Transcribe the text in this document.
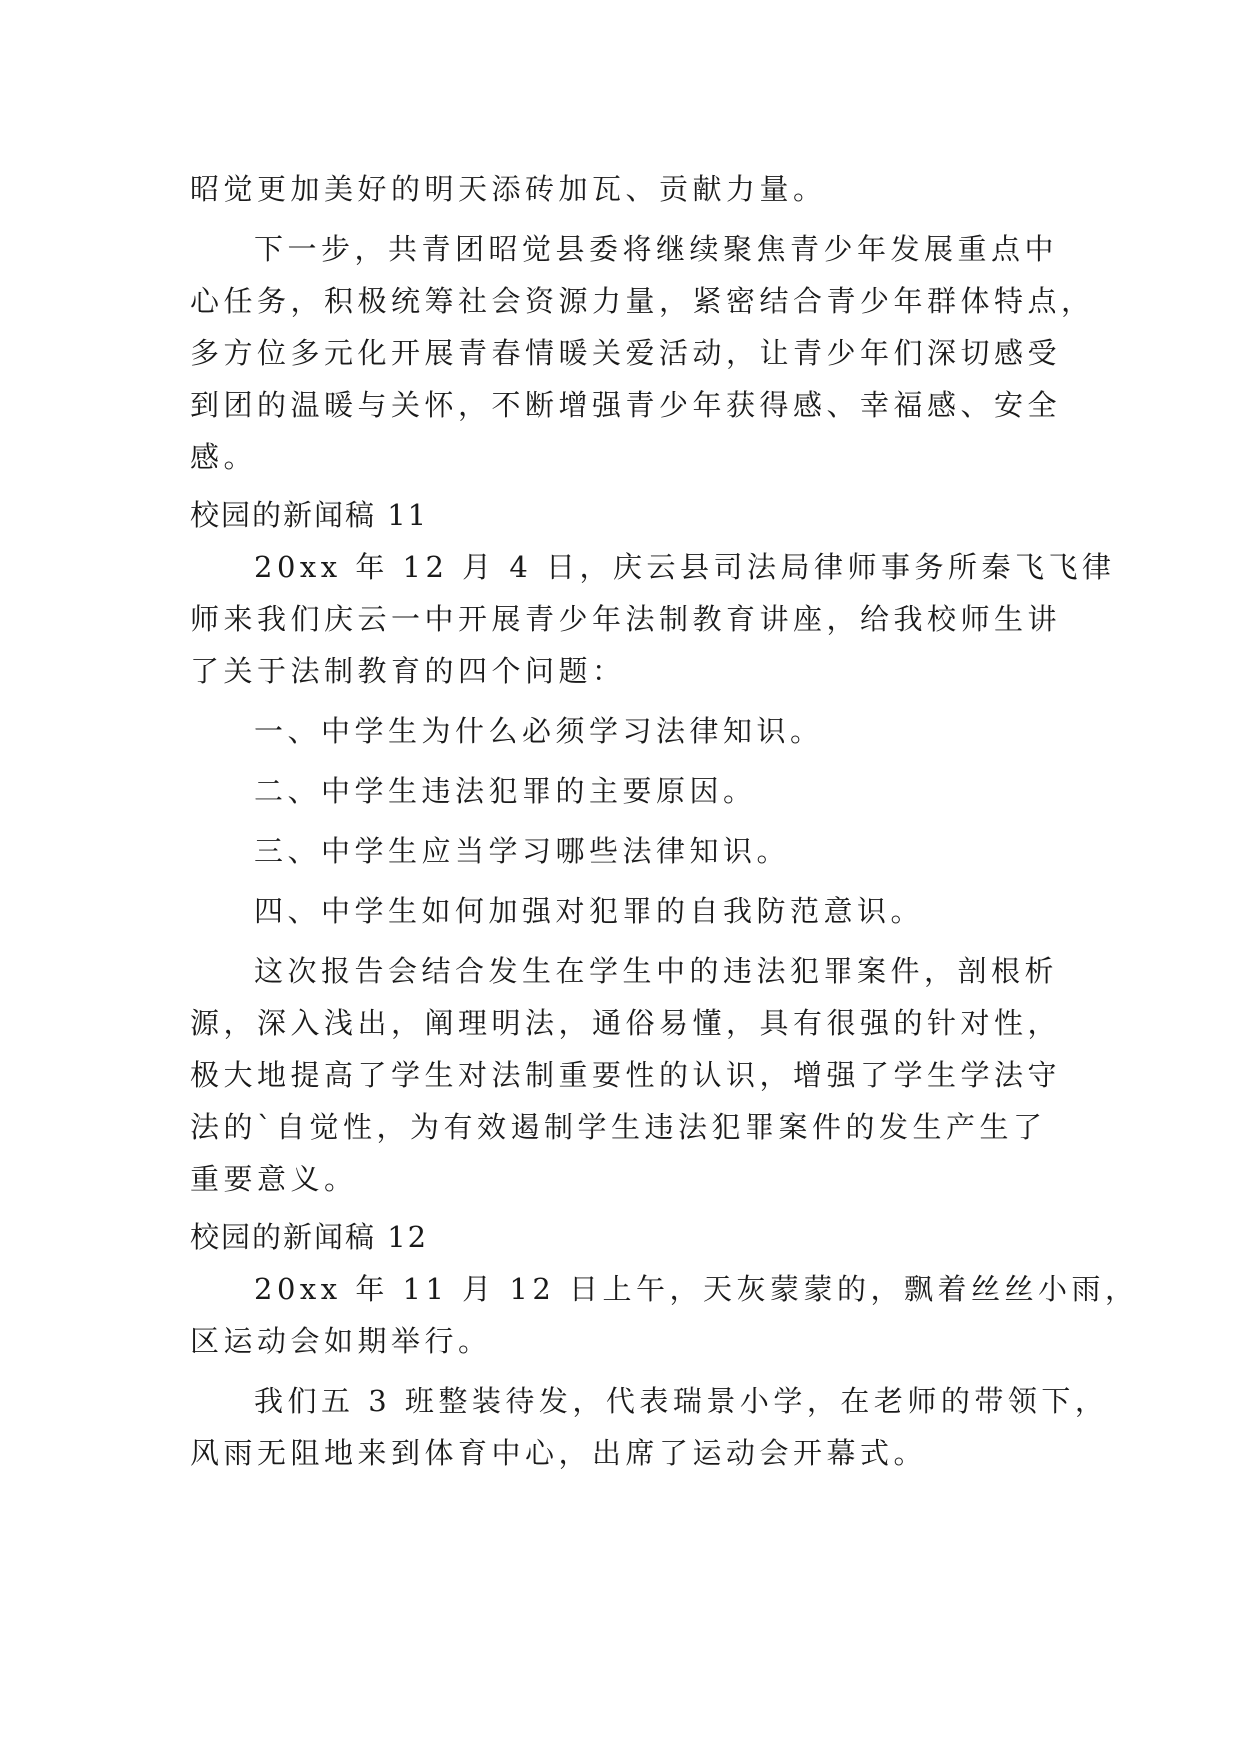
昭觉更加美好的明天添砖加瓦、贡献力量。
下一步，共青团昭觉县委将继续聚焦青少年发展重点中
心任务，积极统筹社会资源力量，紧密结合青少年群体特点，
多方位多元化开展青春情暖关爱活动，让青少年们深切感受
到团的温暖与关怀，不断增强青少年获得感、幸福感、安全
感。
校园的新闻稿 11
20xx 年 12 月 4 日，庆云县司法局律师事务所秦飞飞律
师来我们庆云一中开展青少年法制教育讲座，给我校师生讲
了关于法制教育的四个问题：
一、中学生为什么必须学习法律知识。
二、中学生违法犯罪的主要原因。
三、中学生应当学习哪些法律知识。
四、中学生如何加强对犯罪的自我防范意识。
这次报告会结合发生在学生中的违法犯罪案件，剖根析
源，深入浅出，阐理明法，通俗易懂，具有很强的针对性，
极大地提高了学生对法制重要性的认识，增强了学生学法守
法的`自觉性，为有效遏制学生违法犯罪案件的发生产生了
重要意义。
校园的新闻稿 12
20xx 年 11 月 12 日上午，天灰蒙蒙的，飘着丝丝小雨，
区运动会如期举行。
我们五 3 班整装待发，代表瑞景小学，在老师的带领下，
风雨无阻地来到体育中心，出席了运动会开幕式。
